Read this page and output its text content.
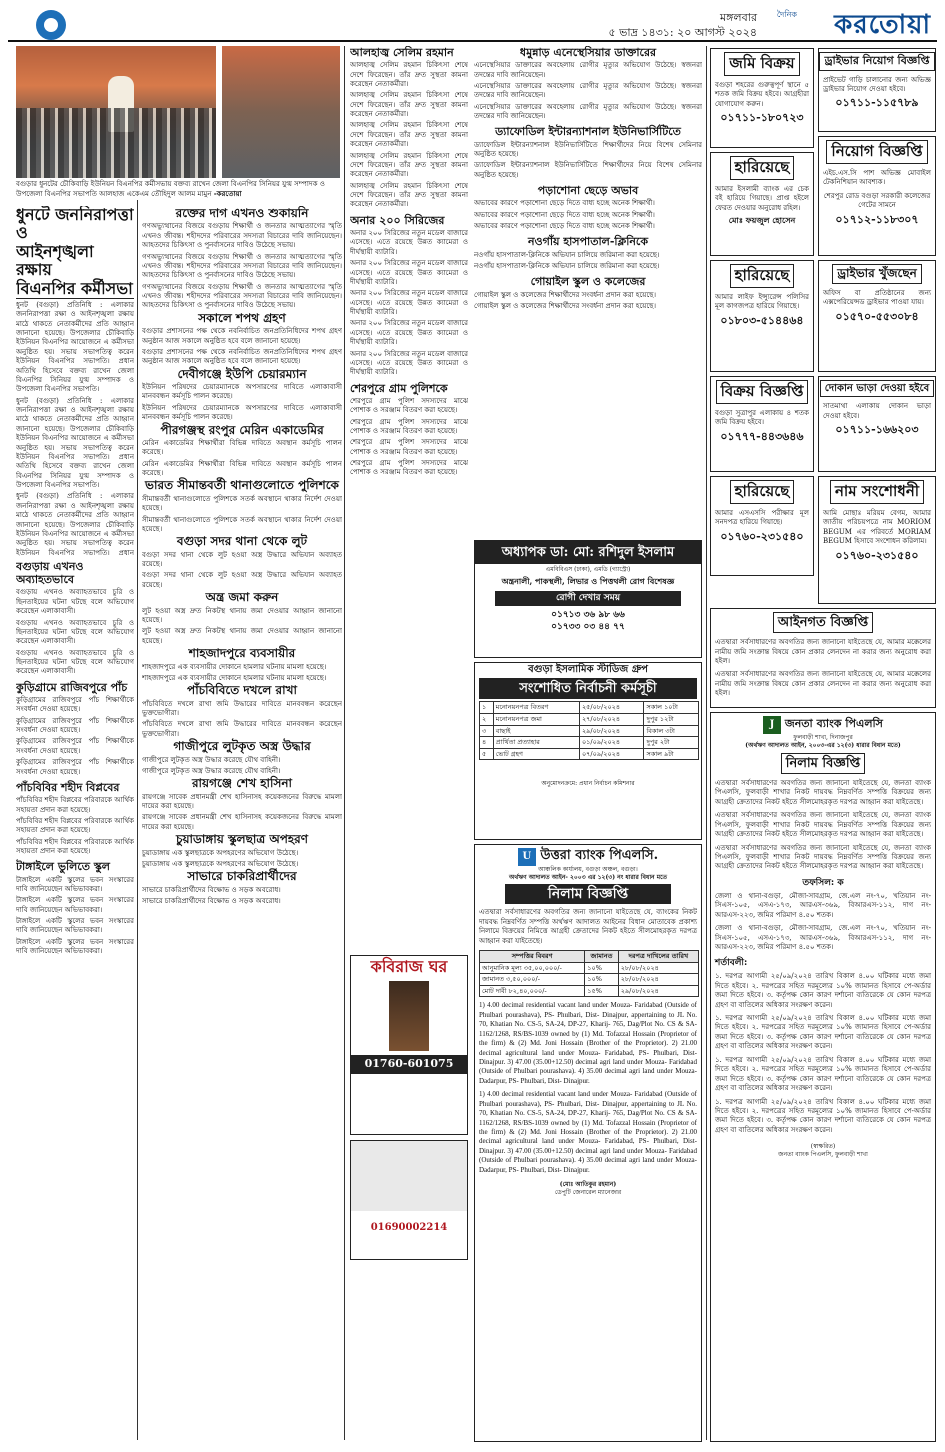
মঙ্গলবার
৫ ভাদ্র ১৪৩১: ২০ আগস্ট ২০২৪
দৈনিক করতোয়া
বগুড়ার ধুনটের চৌকিবাড়ি ইউনিয়ন বিএনপির কর্মীসভায় বক্তব্য রাখেন জেলা বিএনপির সিনিয়র যুগ্ম সম্পাদক ও উপজেলা বিএনপির সভাপতি আলহাজ একেএম তৌহিদুল আলম মামুন -করতোয়া
ধুনটে জননিরাপত্তা ও
আইনশৃঙ্খলা রক্ষায়
বিএনপির কর্মীসভা

ধুনট (বগুড়া) প্রতিনিধি : এলাকার জননিরাপত্তা রক্ষা ও আইনশৃঙ্খলা রক্ষায় মাঠে থাকতে নেতাকর্মীদের প্রতি আহ্বান জানানো হয়েছে। উপজেলার চৌকিবাড়ি ইউনিয়ন বিএনপির আয়োজনে এ কর্মীসভা অনুষ্ঠিত হয়। সভায় সভাপতিত্ব করেন ইউনিয়ন বিএনপির সভাপতি। প্রধান অতিথি হিসেবে বক্তব্য রাখেন জেলা বিএনপির সিনিয়র যুগ্ম সম্পাদক ও উপজেলা বিএনপির সভাপতি।

ধুনট (বগুড়া) প্রতিনিধি : এলাকার জননিরাপত্তা রক্ষা ও আইনশৃঙ্খলা রক্ষায় মাঠে থাকতে নেতাকর্মীদের প্রতি আহ্বান জানানো হয়েছে। উপজেলার চৌকিবাড়ি ইউনিয়ন বিএনপির আয়োজনে এ কর্মীসভা অনুষ্ঠিত হয়। সভায় সভাপতিত্ব করেন ইউনিয়ন বিএনপির সভাপতি। প্রধান অতিথি হিসেবে বক্তব্য রাখেন জেলা বিএনপির সিনিয়র যুগ্ম সম্পাদক ও উপজেলা বিএনপির সভাপতি।

ধুনট (বগুড়া) প্রতিনিধি : এলাকার জননিরাপত্তা রক্ষা ও আইনশৃঙ্খলা রক্ষায় মাঠে থাকতে নেতাকর্মীদের প্রতি আহ্বান জানানো হয়েছে। উপজেলার চৌকিবাড়ি ইউনিয়ন বিএনপির আয়োজনে এ কর্মীসভা অনুষ্ঠিত হয়। সভায় সভাপতিত্ব করেন ইউনিয়ন বিএনপির সভাপতি। প্রধান

বগুড়ায় এখনও অব্যাহতভাবে

বগুড়ায় এখনও অব্যাহতভাবে চুরি ও ছিনতাইয়ের ঘটনা ঘটছে বলে অভিযোগ করেছেন এলাকাবাসী।

বগুড়ায় এখনও অব্যাহতভাবে চুরি ও ছিনতাইয়ের ঘটনা ঘটছে বলে অভিযোগ করেছেন এলাকাবাসী।

বগুড়ায় এখনও অব্যাহতভাবে চুরি ও ছিনতাইয়ের ঘটনা ঘটছে বলে অভিযোগ করেছেন এলাকাবাসী।

কুড়িগ্রামে রাজিবপুরে পাঁচ

কুড়িগ্রামের রাজিবপুরে পাঁচ শিক্ষার্থীকে সংবর্ধনা দেওয়া হয়েছে।

কুড়িগ্রামের রাজিবপুরে পাঁচ শিক্ষার্থীকে সংবর্ধনা দেওয়া হয়েছে।

কুড়িগ্রামের রাজিবপুরে পাঁচ শিক্ষার্থীকে সংবর্ধনা দেওয়া হয়েছে।

কুড়িগ্রামের রাজিবপুরে পাঁচ শিক্ষার্থীকে সংবর্ধনা দেওয়া হয়েছে।

পাঁচবিবির শহীদ বিপ্লবের

পাঁচবিবির শহীদ বিপ্লবের পরিবারকে আর্থিক সহায়তা প্রদান করা হয়েছে।

পাঁচবিবির শহীদ বিপ্লবের পরিবারকে আর্থিক সহায়তা প্রদান করা হয়েছে।

পাঁচবিবির শহীদ বিপ্লবের পরিবারকে আর্থিক সহায়তা প্রদান করা হয়েছে।

টাঙ্গাইলে ভুলিতে স্কুল

টাঙ্গাইলে একটি স্কুলের ভবন সংস্কারের দাবি জানিয়েছেন অভিভাবকরা।

টাঙ্গাইলে একটি স্কুলের ভবন সংস্কারের দাবি জানিয়েছেন অভিভাবকরা।

টাঙ্গাইলে একটি স্কুলের ভবন সংস্কারের দাবি জানিয়েছেন অভিভাবকরা।

টাঙ্গাইলে একটি স্কুলের ভবন সংস্কারের দাবি জানিয়েছেন অভিভাবকরা।

রক্তের দাগ এখনও শুকায়নি

গণঅভ্যুত্থানের বিজয়ে বগুড়ায় শিক্ষার্থী ও জনতার আত্মত্যাগের স্মৃতি এখনও জীবন্ত। শহীদদের পরিবারের সদস্যরা বিচারের দাবি জানিয়েছেন। আহতদের চিকিৎসা ও পুনর্বাসনের দাবিও উঠেছে সভায়।

গণঅভ্যুত্থানের বিজয়ে বগুড়ায় শিক্ষার্থী ও জনতার আত্মত্যাগের স্মৃতি এখনও জীবন্ত। শহীদদের পরিবারের সদস্যরা বিচারের দাবি জানিয়েছেন। আহতদের চিকিৎসা ও পুনর্বাসনের দাবিও উঠেছে সভায়।

গণঅভ্যুত্থানের বিজয়ে বগুড়ায় শিক্ষার্থী ও জনতার আত্মত্যাগের স্মৃতি এখনও জীবন্ত। শহীদদের পরিবারের সদস্যরা বিচারের দাবি জানিয়েছেন। আহতদের চিকিৎসা ও পুনর্বাসনের দাবিও উঠেছে সভায়।

সকালে শপথ গ্রহণ

বগুড়ার প্রশাসনের পক্ষ থেকে নবনির্বাচিত জনপ্রতিনিধিদের শপথ গ্রহণ অনুষ্ঠান আজ সকালে অনুষ্ঠিত হবে বলে জানানো হয়েছে।

বগুড়ার প্রশাসনের পক্ষ থেকে নবনির্বাচিত জনপ্রতিনিধিদের শপথ গ্রহণ অনুষ্ঠান আজ সকালে অনুষ্ঠিত হবে বলে জানানো হয়েছে।

দেবীগঞ্জে ইউপি চেয়ারম্যান

ইউনিয়ন পরিষদের চেয়ারম্যানকে অপসারণের দাবিতে এলাকাবাসী মানববন্ধন কর্মসূচি পালন করেছে।

ইউনিয়ন পরিষদের চেয়ারম্যানকে অপসারণের দাবিতে এলাকাবাসী মানববন্ধন কর্মসূচি পালন করেছে।

পীরগঞ্জস্থ রংপুর মেরিন একাডেমির

মেরিন একাডেমির শিক্ষার্থীরা বিভিন্ন দাবিতে অবস্থান কর্মসূচি পালন করেছে।

মেরিন একাডেমির শিক্ষার্থীরা বিভিন্ন দাবিতে অবস্থান কর্মসূচি পালন করেছে।

ভারত সীমান্তবর্তী থানাগুলোতে পুলিশকে

সীমান্তবর্তী থানাগুলোতে পুলিশকে সতর্ক অবস্থানে থাকার নির্দেশ দেওয়া হয়েছে।

সীমান্তবর্তী থানাগুলোতে পুলিশকে সতর্ক অবস্থানে থাকার নির্দেশ দেওয়া হয়েছে।

বগুড়া সদর থানা থেকে লুট

বগুড়া সদর থানা থেকে লুট হওয়া অস্ত্র উদ্ধারে অভিযান অব্যাহত রয়েছে।

বগুড়া সদর থানা থেকে লুট হওয়া অস্ত্র উদ্ধারে অভিযান অব্যাহত রয়েছে।

অন্ত্র জমা করুন

লুট হওয়া অস্ত্র দ্রুত নিকটস্থ থানায় জমা দেওয়ার আহ্বান জানানো হয়েছে।

লুট হওয়া অস্ত্র দ্রুত নিকটস্থ থানায় জমা দেওয়ার আহ্বান জানানো হয়েছে।

শাহজাদপুরে ব্যবসায়ীর

শাহজাদপুরে এক ব্যবসায়ীর দোকানে হামলার ঘটনায় মামলা হয়েছে।

শাহজাদপুরে এক ব্যবসায়ীর দোকানে হামলার ঘটনায় মামলা হয়েছে।

পাঁচবিবিতে দখলে রাখা

পাঁচবিবিতে দখলে রাখা জমি উদ্ধারের দাবিতে মানববন্ধন করেছেন ভুক্তভোগীরা।

পাঁচবিবিতে দখলে রাখা জমি উদ্ধারের দাবিতে মানববন্ধন করেছেন ভুক্তভোগীরা।

গাজীপুরে লুটকৃত অস্ত্র উদ্ধার

গাজীপুরে লুটকৃত অস্ত্র উদ্ধার করেছে যৌথ বাহিনী।

গাজীপুরে লুটকৃত অস্ত্র উদ্ধার করেছে যৌথ বাহিনী।

রায়গঞ্জে শেখ হাসিনা

রায়গঞ্জে সাবেক প্রধানমন্ত্রী শেখ হাসিনাসহ কয়েকজনের বিরুদ্ধে মামলা দায়ের করা হয়েছে।

রায়গঞ্জে সাবেক প্রধানমন্ত্রী শেখ হাসিনাসহ কয়েকজনের বিরুদ্ধে মামলা দায়ের করা হয়েছে।

চুয়াডাঙ্গায় স্কুলছাত্র অপহরণ

চুয়াডাঙ্গায় এক স্কুলছাত্রকে অপহরণের অভিযোগ উঠেছে।

চুয়াডাঙ্গায় এক স্কুলছাত্রকে অপহরণের অভিযোগ উঠেছে।

সাভারে চাকরিপ্রার্থীদের

সাভারে চাকরিপ্রার্থীদের বিক্ষোভ ও সড়ক অবরোধ।

সাভারে চাকরিপ্রার্থীদের বিক্ষোভ ও সড়ক অবরোধ।

আলহাজ্ব সেলিম রহমান

আলহাজ্ব সেলিম রহমান চিকিৎসা শেষে দেশে ফিরেছেন। তাঁর দ্রুত সুস্থতা কামনা করেছেন নেতাকর্মীরা।

আলহাজ্ব সেলিম রহমান চিকিৎসা শেষে দেশে ফিরেছেন। তাঁর দ্রুত সুস্থতা কামনা করেছেন নেতাকর্মীরা।

আলহাজ্ব সেলিম রহমান চিকিৎসা শেষে দেশে ফিরেছেন। তাঁর দ্রুত সুস্থতা কামনা করেছেন নেতাকর্মীরা।

আলহাজ্ব সেলিম রহমান চিকিৎসা শেষে দেশে ফিরেছেন। তাঁর দ্রুত সুস্থতা কামনা করেছেন নেতাকর্মীরা।

আলহাজ্ব সেলিম রহমান চিকিৎসা শেষে দেশে ফিরেছেন। তাঁর দ্রুত সুস্থতা কামনা করেছেন নেতাকর্মীরা।

অনার ২০০ সিরিজের

অনার ২০০ সিরিজের নতুন মডেল বাজারে এসেছে। এতে রয়েছে উন্নত ক্যামেরা ও দীর্ঘস্থায়ী ব্যাটারি।

অনার ২০০ সিরিজের নতুন মডেল বাজারে এসেছে। এতে রয়েছে উন্নত ক্যামেরা ও দীর্ঘস্থায়ী ব্যাটারি।

অনার ২০০ সিরিজের নতুন মডেল বাজারে এসেছে। এতে রয়েছে উন্নত ক্যামেরা ও দীর্ঘস্থায়ী ব্যাটারি।

অনার ২০০ সিরিজের নতুন মডেল বাজারে এসেছে। এতে রয়েছে উন্নত ক্যামেরা ও দীর্ঘস্থায়ী ব্যাটারি।

অনার ২০০ সিরিজের নতুন মডেল বাজারে এসেছে। এতে রয়েছে উন্নত ক্যামেরা ও দীর্ঘস্থায়ী ব্যাটারি।

শেরপুরে গ্রাম পুলিশকে

শেরপুরে গ্রাম পুলিশ সদস্যদের মাঝে পোশাক ও সরঞ্জাম বিতরণ করা হয়েছে।

শেরপুরে গ্রাম পুলিশ সদস্যদের মাঝে পোশাক ও সরঞ্জাম বিতরণ করা হয়েছে।

শেরপুরে গ্রাম পুলিশ সদস্যদের মাঝে পোশাক ও সরঞ্জাম বিতরণ করা হয়েছে।

শেরপুরে গ্রাম পুলিশ সদস্যদের মাঝে পোশাক ও সরঞ্জাম বিতরণ করা হয়েছে।

ধমুন্নাড় এনেস্থেসিয়ার ডাক্তারের

এনেস্থেসিয়ার ডাক্তারের অবহেলায় রোগীর মৃত্যুর অভিযোগ উঠেছে। স্বজনরা তদন্তের দাবি জানিয়েছেন।

এনেস্থেসিয়ার ডাক্তারের অবহেলায় রোগীর মৃত্যুর অভিযোগ উঠেছে। স্বজনরা তদন্তের দাবি জানিয়েছেন।

এনেস্থেসিয়ার ডাক্তারের অবহেলায় রোগীর মৃত্যুর অভিযোগ উঠেছে। স্বজনরা তদন্তের দাবি জানিয়েছেন।

ড্যাফোডিল ইন্টারন্যাশনাল ইউনিভার্সিটিতে

ড্যাফোডিল ইন্টারন্যাশনাল ইউনিভার্সিটিতে শিক্ষার্থীদের নিয়ে বিশেষ সেমিনার অনুষ্ঠিত হয়েছে।

ড্যাফোডিল ইন্টারন্যাশনাল ইউনিভার্সিটিতে শিক্ষার্থীদের নিয়ে বিশেষ সেমিনার অনুষ্ঠিত হয়েছে।

পড়াশোনা ছেড়ে অভাব

অভাবের কারণে পড়াশোনা ছেড়ে দিতে বাধ্য হচ্ছে অনেক শিক্ষার্থী।

অভাবের কারণে পড়াশোনা ছেড়ে দিতে বাধ্য হচ্ছে অনেক শিক্ষার্থী।

অভাবের কারণে পড়াশোনা ছেড়ে দিতে বাধ্য হচ্ছে অনেক শিক্ষার্থী।

নওগাঁয় হাসপাতাল-ক্লিনিকে

নওগাঁয় হাসপাতাল-ক্লিনিকে অভিযান চালিয়ে জরিমানা করা হয়েছে।

নওগাঁয় হাসপাতাল-ক্লিনিকে অভিযান চালিয়ে জরিমানা করা হয়েছে।

গোয়াইল স্কুল ও কলেজের

গোয়াইল স্কুল ও কলেজের শিক্ষার্থীদের সংবর্ধনা প্রদান করা হয়েছে।

গোয়াইল স্কুল ও কলেজের শিক্ষার্থীদের সংবর্ধনা প্রদান করা হয়েছে।

অধ্যাপক ডা: মো: রশিদুল ইসলাম
এমবিবিএস (ঢাকা), এমডি (গ্যাস্ট্রো)
অন্ত্রনালী, পাকস্থলী, লিভার ও পিত্তথলী রোগ বিশেষজ্ঞ
রোগী দেখার সময়
০১৭১৩ ৩৬ ৯৮ ৬৬
০১৭৩৩ ০৩ ৪৪ ৭৭
বগুড়া ইসলামিক স্টাডিজ গ্রুপ
সংশোধিত নির্বাচনী কর্মসূচী
১	মনোনয়নপত্র বিতরণ	২৫/০৮/২০২৪	সকাল ১০টা
২	মনোনয়নপত্র জমা	২৭/০৮/২০২৪	দুপুর ১২টা
৩	বাছাই	২৯/০৮/২০২৪	বিকাল ৩টা
৪	প্রার্থিতা প্রত্যাহার	০১/০৯/২০২৪	দুপুর ২টা
৫	ভোট গ্রহণ	০৭/০৯/২০২৪	সকাল ৯টা
অনুমোদনক্রমে: প্রধান নির্বাচন কমিশনার
কবিরাজ ঘর
01760-601075
01690002214
U উত্তরা ব্যাংক পিএলসি.
আঞ্চলিক কার্যালয়, বগুড়া অঞ্চল, বগুড়া।
অর্থঋণ আদালত আইন- ২০০৩ এর ১২(৩) নং ধারার বিধান মতে
নিলাম বিজ্ঞপ্তি
এতদ্বারা সর্বসাধারণের অবগতির জন্য জানানো যাইতেছে যে, ব্যাংকের নিকট দায়বদ্ধ নিম্নবর্ণিত সম্পত্তি অর্থঋণ আদালত আইনের বিধান মোতাবেক প্রকাশ্য নিলামে বিক্রয়ের নিমিত্তে আগ্রহী ক্রেতাদের নিকট হইতে সীলমোহরকৃত দরপত্র আহ্বান করা যাইতেছে।
সম্পত্তির বিবরণ	জামানত	দরপত্র দাখিলের তারিখ
আনুমানিক মূল্য ৩৫,০০,০০০/-	১০%	২৮/০৮/২০২৪
জামানত ৩,৫০,০০০/-	১০%	২৮/০৮/২০২৪
মোট দাবী ৮২,৪০,০০০/-	১৫%	২৯/০৮/২০২৪
1) 4.00 decimal residential vacant land under Mouza- Faridabad (Outside of Phulbari pourashava), PS- Phulbari, Dist- Dinajpur, appertaining to JL No. 70, Khatian No. CS-5, SA-24, DP-27, Kharij- 765, Dag/Plot No. CS & SA-1162/1268, RS/BS-1039 owned by (1) Md. Tofazzal Hossain (Proprietor of the firm) & (2) Md. Joni Hossain (Brother of the Proprietor). 2) 21.00 decimal agricultural land under Mouza- Faridabad, PS- Phulbari, Dist- Dinajpur. 3) 47.00 (35.00+12.50) decimal agri land under Mouza- Faridabad (Outside of Phulbari pourashava). 4) 35.00 decimal agri land under Mouza- Dadarpur, PS- Phulbari, Dist- Dinajpur.
1) 4.00 decimal residential vacant land under Mouza- Faridabad (Outside of Phulbari pourashava), PS- Phulbari, Dist- Dinajpur, appertaining to JL No. 70, Khatian No. CS-5, SA-24, DP-27, Kharij- 765, Dag/Plot No. CS & SA-1162/1268, RS/BS-1039 owned by (1) Md. Tofazzal Hossain (Proprietor of the firm) & (2) Md. Joni Hossain (Brother of the Proprietor). 2) 21.00 decimal agricultural land under Mouza- Faridabad, PS- Phulbari, Dist- Dinajpur. 3) 47.00 (35.00+12.50) decimal agri land under Mouza- Faridabad (Outside of Phulbari pourashava). 4) 35.00 decimal agri land under Mouza- Dadarpur, PS- Phulbari, Dist- Dinajpur.
(মোঃ আতিকুর রহমান)
ডেপুটি জেনারেল ম্যানেজার
জমি বিক্রয়
বগুড়া শহরের গুরুত্বপূর্ণ স্থানে ৫ শতক জমি বিক্রয় হইবে। আগ্রহীরা যোগাযোগ করুন।
০১৭১১-১৮০৭২৩
হারিয়েছে
আমার ইসলামী ব্যাংক এর চেক বই হারিয়ে গিয়াছে। প্রাপ্ত হইলে ফেরত দেওয়ার অনুরোধ রহিল।
মোঃ ফয়জুল হোসেন
হারিয়েছে
আমার লাইফ ইন্স্যুরেন্স পলিসির মূল কাগজপত্র হারিয়ে গিয়াছে।
০১৮০৩-৫১৪৪৬৪
বিক্রয় বিজ্ঞপ্তি
বগুড়া সুত্রাপুর এলাকায় ৪ শতক জমি বিক্রয় হইবে।
০১৭৭৭-৪৪৩৬৪৬
হারিয়েছে
আমার এসএসসি পরীক্ষার মূল সনদপত্র হারিয়ে গিয়াছে।
০১৭৬০-২৩১৫৪০
ড্রাইভার নিয়োগ বিজ্ঞপ্তি
প্রাইভেট গাড়ি চালানোর জন্য অভিজ্ঞ ড্রাইভার নিয়োগ দেওয়া হইবে।
০১৭১১-১১৫৭৮৯
নিয়োগ বিজ্ঞপ্তি
এইচ.এস.সি পাশ অভিজ্ঞ মোবাইল টেকনিশিয়ান আবশ্যক।
শেরপুর রোড বগুড়া সরকারী কলেজের গেটের সামনে
০১৭১২-১১৮৩০৭
ড্রাইভার খুঁজছেন
অফিস বা প্রতিষ্ঠানের জন্য এক্সপেরিয়েন্সড ড্রাইভার পাওয়া যায়।
০১৫৭০-৫৫৩০৮৪
দোকান ভাড়া দেওয়া হইবে
সাতমাথা এলাকায় দোকান ভাড়া দেওয়া হইবে।
০১৭১১-১৬৬২০৩
নাম সংশোধনী
আমি মোছাঃ মরিয়ম বেগম, আমার জাতীয় পরিচয়পত্রে নাম MORIOM BEGUM এর পরিবর্তে MORIAM BEGUM হিসাবে সংশোধন করিলাম।
০১৭৬০-২৩১৫৪০
আইনগত বিজ্ঞপ্তি
এতদ্বারা সর্বসাধারণের অবগতির জন্য জানানো যাইতেছে যে, আমার মক্কেলের নামীয় জমি সংক্রান্ত বিষয়ে কোন প্রকার লেনদেন না করার জন্য অনুরোধ করা হইল।
এতদ্বারা সর্বসাধারণের অবগতির জন্য জানানো যাইতেছে যে, আমার মক্কেলের নামীয় জমি সংক্রান্ত বিষয়ে কোন প্রকার লেনদেন না করার জন্য অনুরোধ করা হইল।
J জনতা ব্যাংক পিএলসি
ফুলবাড়ী শাখা, দিনাজপুর
(অর্থঋণ আদালত আইন, ২০০৩-এর ১২(৩) ধারার বিধান মতে)
নিলাম বিজ্ঞপ্তি
এতদ্বারা সর্বসাধারণের অবগতির জন্য জানানো যাইতেছে যে, জনতা ব্যাংক পিএলসি, ফুলবাড়ী শাখার নিকট দায়বদ্ধ নিম্নবর্ণিত সম্পত্তি বিক্রয়ের জন্য আগ্রহী ক্রেতাদের নিকট হইতে সীলমোহরকৃত দরপত্র আহ্বান করা যাইতেছে।
এতদ্বারা সর্বসাধারণের অবগতির জন্য জানানো যাইতেছে যে, জনতা ব্যাংক পিএলসি, ফুলবাড়ী শাখার নিকট দায়বদ্ধ নিম্নবর্ণিত সম্পত্তি বিক্রয়ের জন্য আগ্রহী ক্রেতাদের নিকট হইতে সীলমোহরকৃত দরপত্র আহ্বান করা যাইতেছে।
এতদ্বারা সর্বসাধারণের অবগতির জন্য জানানো যাইতেছে যে, জনতা ব্যাংক পিএলসি, ফুলবাড়ী শাখার নিকট দায়বদ্ধ নিম্নবর্ণিত সম্পত্তি বিক্রয়ের জন্য আগ্রহী ক্রেতাদের নিকট হইতে সীলমোহরকৃত দরপত্র আহ্বান করা যাইতেছে।
তফসিল: ক
জেলা ও থানা-বগুড়া, মৌজা-সাবগ্রাম, জে.এল নং-৭০, খতিয়ান নং-সিএস-১০৫, এসএ-১৭৩, আরএস-৩৬৯, বিআরএস-১১২, দাগ নং-আরএস-২২৩, জমির পরিমাণ ৪.৫০ শতক।
জেলা ও থানা-বগুড়া, মৌজা-সাবগ্রাম, জে.এল নং-৭০, খতিয়ান নং-সিএস-১০৫, এসএ-১৭৩, আরএস-৩৬৯, বিআরএস-১১২, দাগ নং-আরএস-২২৩, জমির পরিমাণ ৪.৫০ শতক।
শর্তাবলী:
১. দরপত্র আগামী ২৫/০৯/২০২৪ তারিখ বিকাল ৪.০০ ঘটিকার মধ্যে জমা দিতে হইবে। ২. দরপত্রের সহিত দরমূল্যের ১০% জামানত হিসাবে পে-অর্ডার জমা দিতে হইবে। ৩. কর্তৃপক্ষ কোন কারণ দর্শানো ব্যতিরেকে যে কোন দরপত্র গ্রহণ বা বাতিলের অধিকার সংরক্ষণ করেন।
১. দরপত্র আগামী ২৫/০৯/২০২৪ তারিখ বিকাল ৪.০০ ঘটিকার মধ্যে জমা দিতে হইবে। ২. দরপত্রের সহিত দরমূল্যের ১০% জামানত হিসাবে পে-অর্ডার জমা দিতে হইবে। ৩. কর্তৃপক্ষ কোন কারণ দর্শানো ব্যতিরেকে যে কোন দরপত্র গ্রহণ বা বাতিলের অধিকার সংরক্ষণ করেন।
১. দরপত্র আগামী ২৫/০৯/২০২৪ তারিখ বিকাল ৪.০০ ঘটিকার মধ্যে জমা দিতে হইবে। ২. দরপত্রের সহিত দরমূল্যের ১০% জামানত হিসাবে পে-অর্ডার জমা দিতে হইবে। ৩. কর্তৃপক্ষ কোন কারণ দর্শানো ব্যতিরেকে যে কোন দরপত্র গ্রহণ বা বাতিলের অধিকার সংরক্ষণ করেন।
১. দরপত্র আগামী ২৫/০৯/২০২৪ তারিখ বিকাল ৪.০০ ঘটিকার মধ্যে জমা দিতে হইবে। ২. দরপত্রের সহিত দরমূল্যের ১০% জামানত হিসাবে পে-অর্ডার জমা দিতে হইবে। ৩. কর্তৃপক্ষ কোন কারণ দর্শানো ব্যতিরেকে যে কোন দরপত্র গ্রহণ বা বাতিলের অধিকার সংরক্ষণ করেন।
(স্বাক্ষরিত)
জনতা ব্যাংক পিএলসি, ফুলবাড়ী শাখা
